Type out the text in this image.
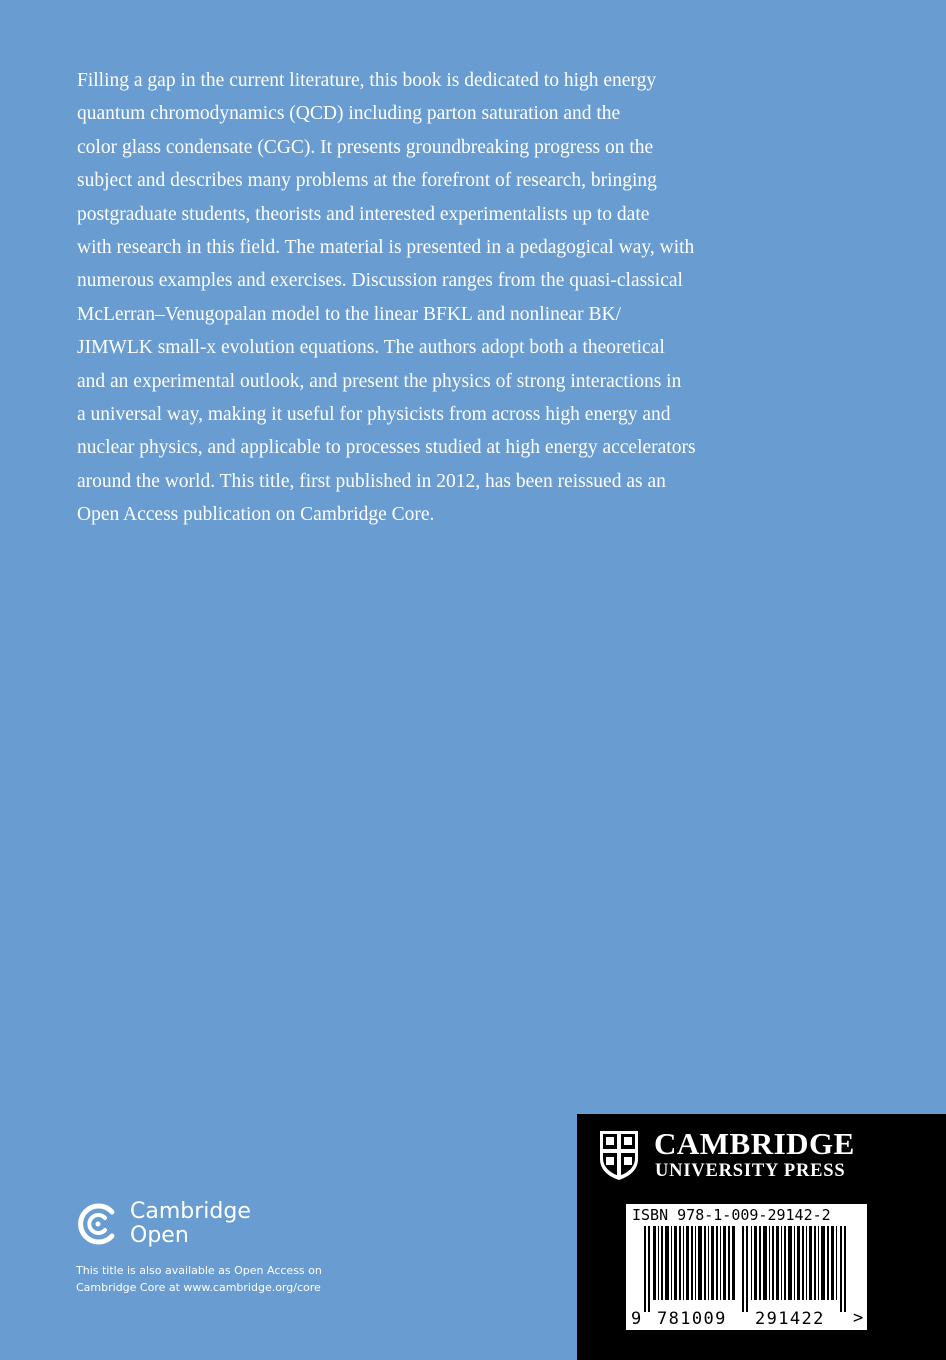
Filling a gap in the current literature, this book is dedicated to high energy
quantum chromodynamics (QCD) including parton saturation and the
color glass condensate (CGC). It presents groundbreaking progress on the
subject and describes many problems at the forefront of research, bringing
postgraduate students, theorists and interested experimentalists up to date
with research in this field. The material is presented in a pedagogical way, with
numerous examples and exercises. Discussion ranges from the quasi-classical
McLerran–Venugopalan model to the linear BFKL and nonlinear BK/
JIMWLK small-x evolution equations. The authors adopt both a theoretical
and an experimental outlook, and present the physics of strong interactions in
a universal way, making it useful for physicists from across high energy and
nuclear physics, and applicable to processes studied at high energy accelerators
around the world. This title, first published in 2012, has been reissued as an
Open Access publication on Cambridge Core.
Cambridge
Open
This title is also available as Open Access on
Cambridge Core at www.cambridge.org/core
CAMBRIDGE
UNIVERSITY PRESS
ISBN 978-1-009-29142-2
9 781009 291422 >
